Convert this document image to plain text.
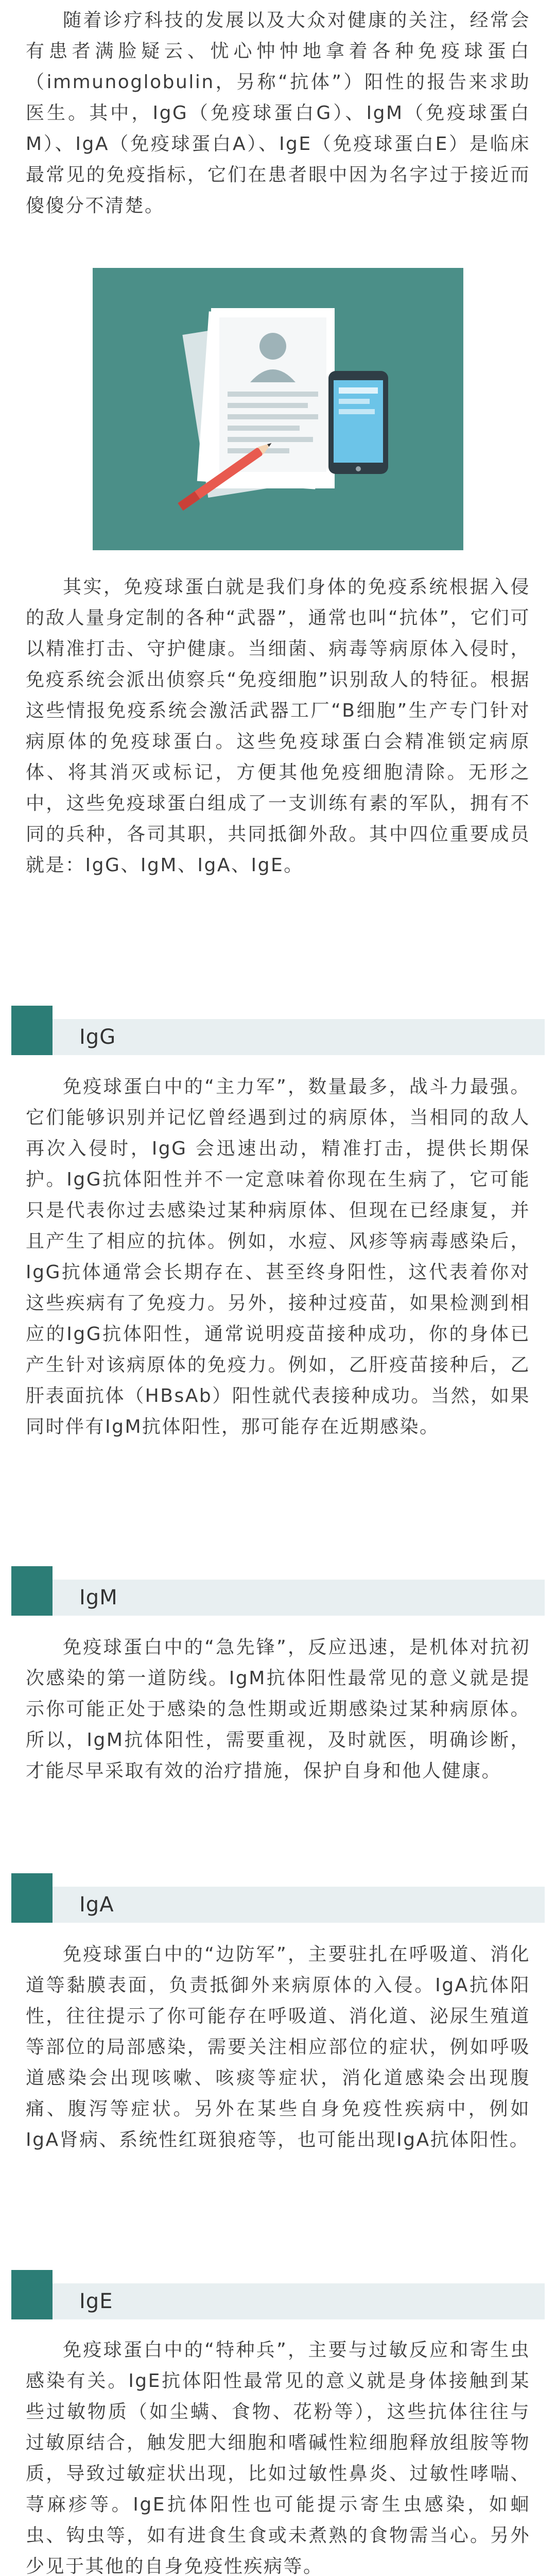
随着诊疗科技的发展以及大众对健康的关注，经常会有患者满脸疑云、忧心忡忡地拿着各种免疫球蛋白（immunoglobulin，另称“抗体”）阳性的报告来求助医生。其中，IgG（免疫球蛋白G）、IgM（免疫球蛋白M）、IgA（免疫球蛋白A）、IgE（免疫球蛋白E）是临床最常见的免疫指标，它们在患者眼中因为名字过于接近而傻傻分不清楚。

其实，免疫球蛋白就是我们身体的免疫系统根据入侵的敌人量身定制的各种“武器”，通常也叫“抗体”，它们可以精准打击、守护健康。当细菌、病毒等病原体入侵时，免疫系统会派出侦察兵“免疫细胞”识别敌人的特征。根据这些情报免疫系统会激活武器工厂“B细胞”生产专门针对病原体的免疫球蛋白。这些免疫球蛋白会精准锁定病原体、将其消灭或标记，方便其他免疫细胞清除。无形之中，这些免疫球蛋白组成了一支训练有素的军队，拥有不同的兵种，各司其职，共同抵御外敌。其中四位重要成员就是：IgG、IgM、IgA、IgE。

IgG

免疫球蛋白中的“主力军”，数量最多，战斗力最强。它们能够识别并记忆曾经遇到过的病原体，当相同的敌人再次入侵时，IgG 会迅速出动，精准打击，提供长期保护。IgG抗体阳性并不一定意味着你现在生病了，它可能只是代表你过去感染过某种病原体、但现在已经康复，并且产生了相应的抗体。例如，水痘、风疹等病毒感染后，IgG抗体通常会长期存在、甚至终身阳性，这代表着你对这些疾病有了免疫力。另外，接种过疫苗，如果检测到相应的IgG抗体阳性，通常说明疫苗接种成功，你的身体已产生针对该病原体的免疫力。例如，乙肝疫苗接种后，乙肝表面抗体（HBsAb）阳性就代表接种成功。当然，如果同时伴有IgM抗体阳性，那可能存在近期感染。

IgM

免疫球蛋白中的“急先锋”，反应迅速，是机体对抗初次感染的第一道防线。IgM抗体阳性最常见的意义就是提示你可能正处于感染的急性期或近期感染过某种病原体。所以，IgM抗体阳性，需要重视，及时就医，明确诊断，才能尽早采取有效的治疗措施，保护自身和他人健康。

IgA

免疫球蛋白中的“边防军”，主要驻扎在呼吸道、消化道等黏膜表面，负责抵御外来病原体的入侵。IgA抗体阳性，往往提示了你可能存在呼吸道、消化道、泌尿生殖道等部位的局部感染，需要关注相应部位的症状，例如呼吸道感染会出现咳嗽、咳痰等症状，消化道感染会出现腹痛、腹泻等症状。另外在某些自身免疫性疾病中，例如IgA肾病、系统性红斑狼疮等，也可能出现IgA抗体阳性。

IgE

免疫球蛋白中的“特种兵”，主要与过敏反应和寄生虫感染有关。IgE抗体阳性最常见的意义就是身体接触到某些过敏物质（如尘螨、食物、花粉等），这些抗体往往与过敏原结合，触发肥大细胞和嗜碱性粒细胞释放组胺等物质，导致过敏症状出现，比如过敏性鼻炎、过敏性哮喘、荨麻疹等。IgE抗体阳性也可能提示寄生虫感染，如蛔虫、钩虫等，如有进食生食或未煮熟的食物需当心。另外少见于其他的自身免疫性疾病等。
